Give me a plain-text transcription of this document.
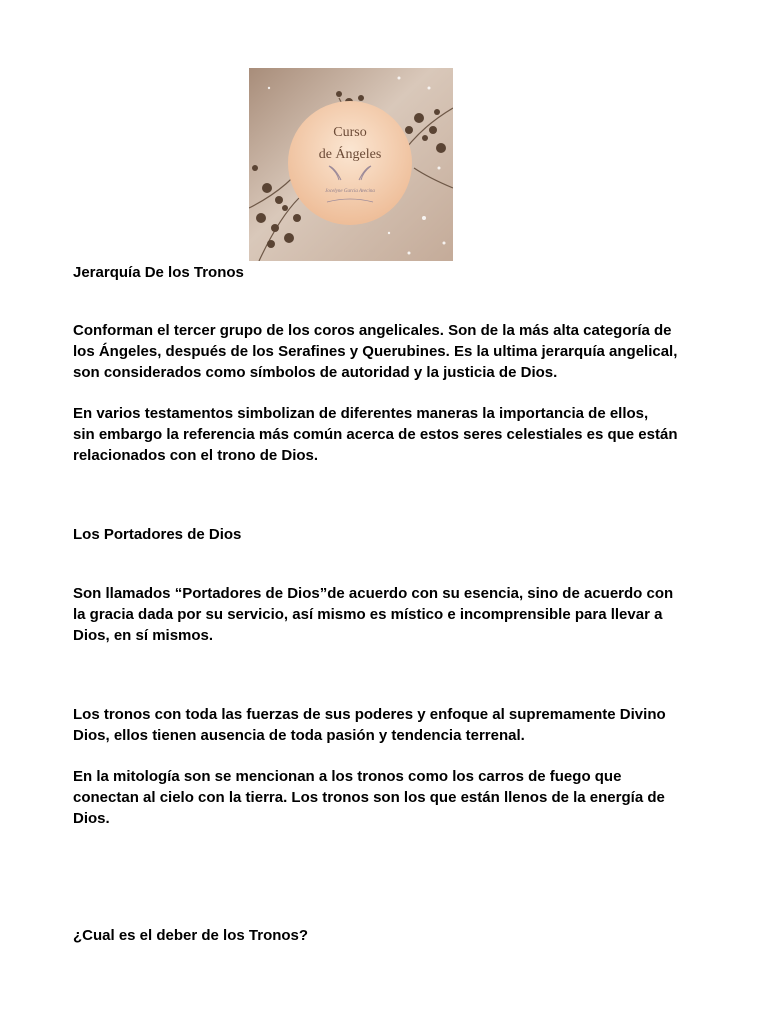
Curso
de Ángeles
Jocelyne Garcia Avecina

Jerarquía De los Tronos

Conforman el tercer grupo de los coros angelicales. Son de la más alta categoría de
los Ángeles, después de los Serafines y Querubines. Es la ultima jerarquía angelical,
son considerados como símbolos de autoridad y la justicia de Dios.

En varios testamentos simbolizan de diferentes maneras la importancia de ellos,
sin embargo la referencia más común acerca de estos seres celestiales es que están
relacionados con el trono de Dios.

Los Portadores de Dios

Son llamados “Portadores de Dios”de acuerdo con su esencia, sino de acuerdo con
la gracia dada por su servicio, así mismo es místico e incomprensible para llevar a
Dios, en sí mismos.

Los tronos con toda las fuerzas de sus poderes y enfoque al supremamente Divino
Dios, ellos tienen ausencia de toda pasión y tendencia terrenal.

En la mitología son se mencionan a los tronos como los carros de fuego que
conectan al cielo con la tierra. Los tronos son los que están llenos de la energía de
Dios.

¿Cual es el deber de los Tronos?
